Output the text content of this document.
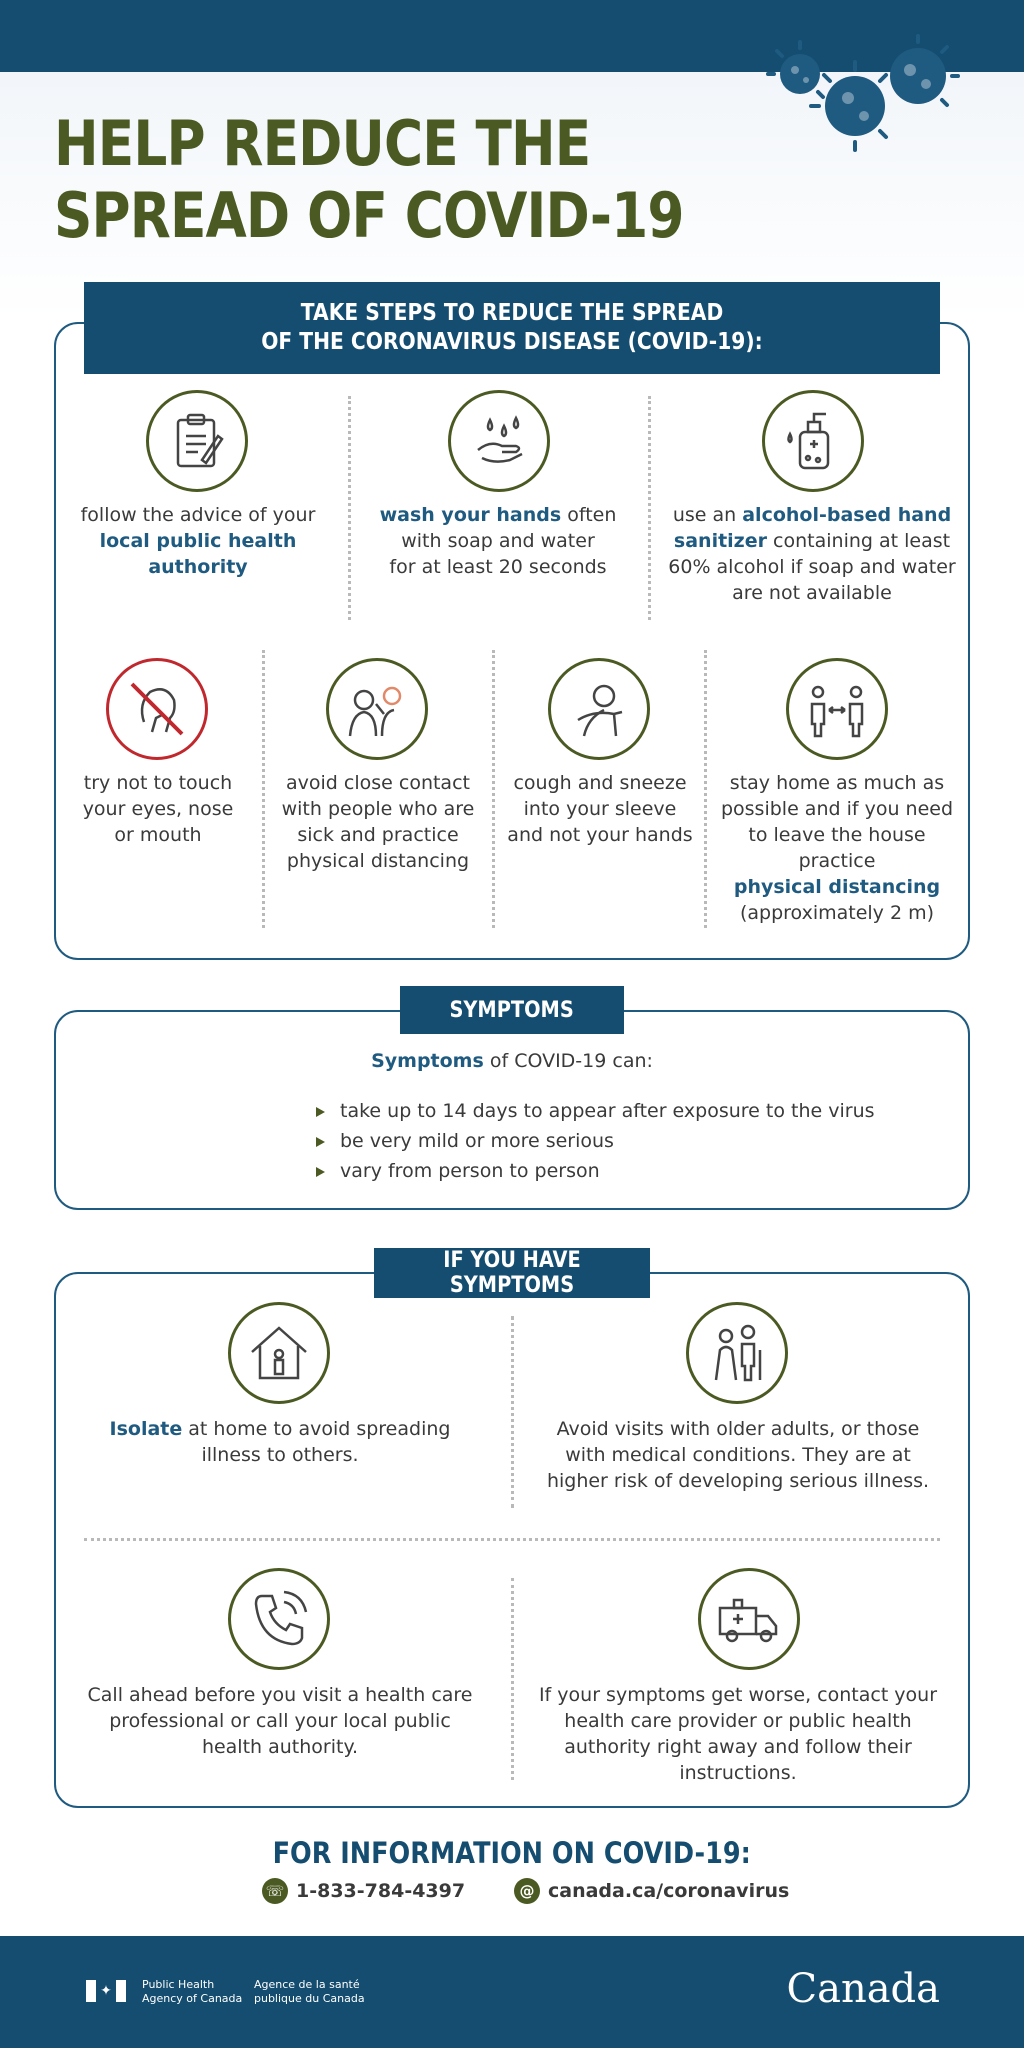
HELP REDUCE THE
SPREAD OF COVID-19
TAKE STEPS TO REDUCE THE SPREAD
OF THE CORONAVIRUS DISEASE (COVID-19):
follow the advice of your
local public health authority
wash your hands often
with soap and water
for at least 20 seconds
use an alcohol-based hand sanitizer containing at least 60% alcohol if soap and water are not available
try not to touch your eyes, nose or mouth
avoid close contact with people who are sick and practice physical distancing
cough and sneeze into your sleeve and not your hands
stay home as much as possible and if you need to leave the house practice
physical distancing
(approximately 2 m)
SYMPTOMS
Symptoms of COVID-19 can:
take up to 14 days to appear after exposure to the virus
be very mild or more serious
vary from person to person
IF YOU HAVE SYMPTOMS
Isolate at home to avoid spreading illness to others.
Avoid visits with older adults, or those with medical conditions. They are at higher risk of developing serious illness.
Call ahead before you visit a health care professional or call your local public health authority.
If your symptoms get worse, contact your health care provider or public health authority right away and follow their instructions.
FOR INFORMATION ON COVID-19:
☏ 1-833-784-4397	@ canada.ca/coronavirus
✦	Public Health
Agency of Canada
Agence de la santé
publique du Canada	Canada
